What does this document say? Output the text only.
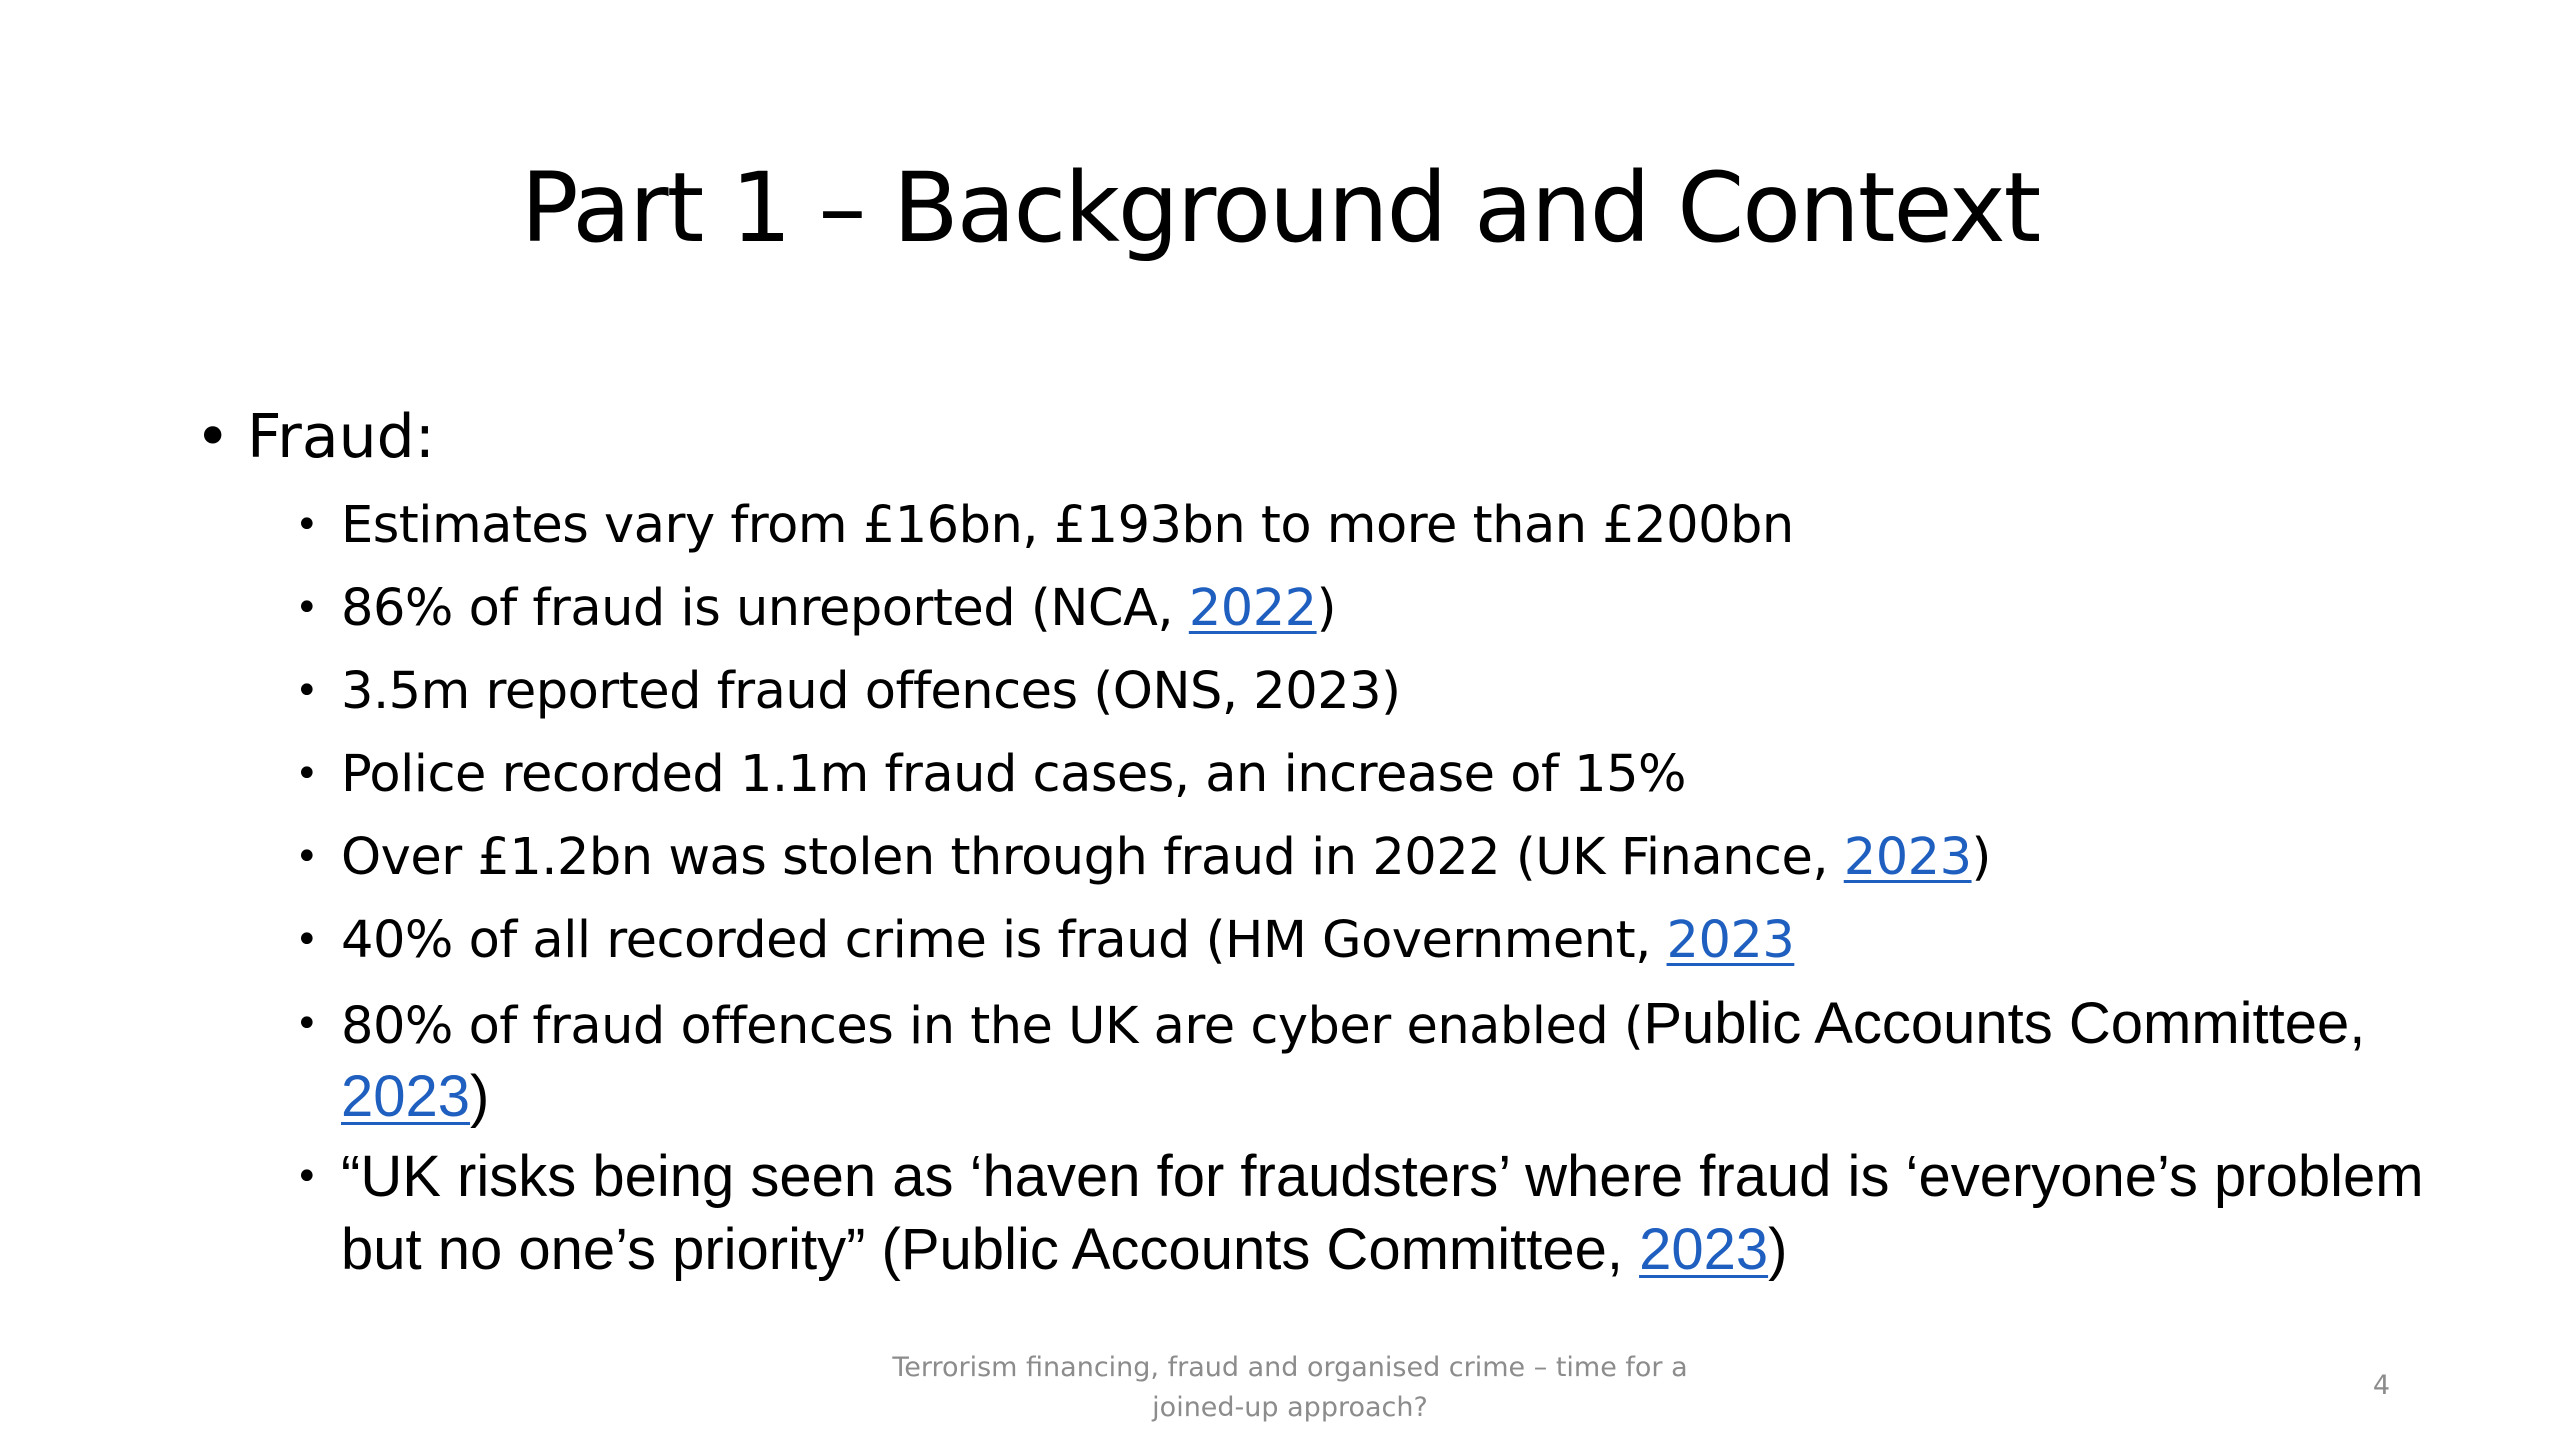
Part 1 – Background and Context
• Fraud:
• Estimates vary from £16bn, £193bn to more than £200bn
• 86% of fraud is unreported (NCA, 2022)
• 3.5m reported fraud offences (ONS, 2023)
• Police recorded 1.1m fraud cases, an increase of 15%
• Over £1.2bn was stolen through fraud in 2022 (UK Finance, 2023)
• 40% of all recorded crime is fraud (HM Government, 2023
• 80% of fraud offences in the UK are cyber enabled (Public Accounts Committee, 2023)
• “UK risks being seen as ‘haven for fraudsters’ where fraud is ‘everyone’s problem but no one’s priority” (Public Accounts Committee, 2023)
Terrorism financing, fraud and organised crime – time for a joined-up approach?
4
